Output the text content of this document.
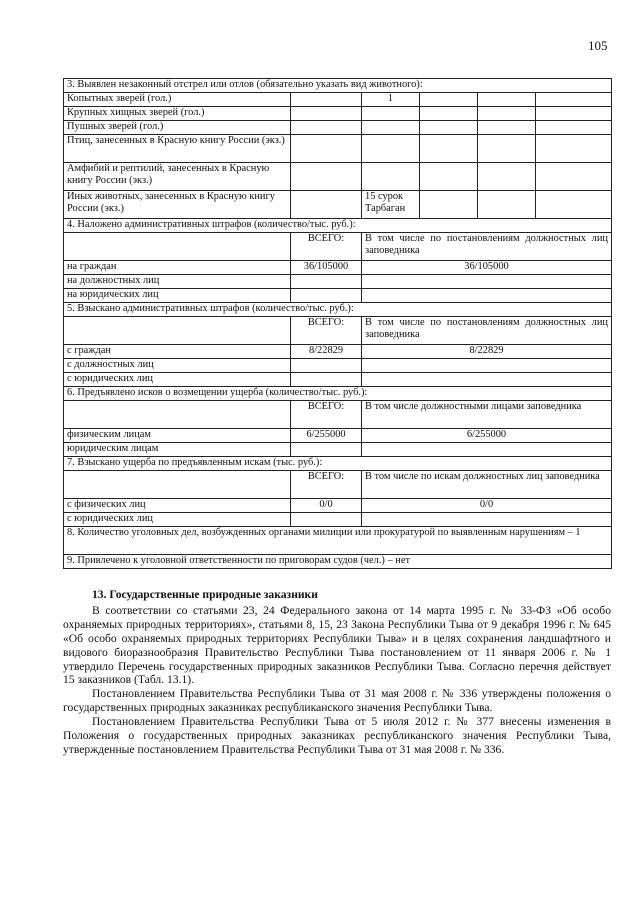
105
3. Выявлен незаконный отстрел или отлов (обязательно указать вид животного):					
Копытных зверей (гол.)		1			
Крупных хищных зверей (гол.)					
Пушных зверей (гол.)					
Птиц, занесенных в Красную книгу России (экз.)					
Амфибий и рептилий, занесенных в Красную книгу России (экз.)					
Иных животных, занесенных в Красную книгу России (экз.)		15 сурок Тарбаган			
4. Наложено административных штрафов (количество/тыс. руб.):					
	ВСЕГО:	В том числе по постановлениям должностных лиц заповедника			
на граждан	36/105000	36/105000			
на должностных лиц					
на юридических лиц					
5. Взыскано административных штрафов (количество/тыс. руб.):					
	ВСЕГО:	В том числе по постановлениям должностных лиц заповедника			
с граждан	8/22829	8/22829			
с должностных лиц					
с юридических лиц					
6. Предъявлено исков о возмещении ущерба (количество/тыс. руб.):					
	ВСЕГО:	В том числе должностными лицами заповедника			
физическим лицам	6/255000	6/255000			
юридическим лицам					
7. Взыскано ущерба по предъявленным искам (тыс. руб.):					
	ВСЕГО:	В том числе по искам должностных лиц заповедника			
с физических лиц	0/0	0/0			
с юридических лиц					
8. Количество уголовных дел, возбужденных органами милиции или прокуратурой по выявленным нарушениям – 1					
9. Привлечено к уголовной ответственности по приговорам судов (чел.) – нет					
13. Государственные природные заказники

В соответствии со статьями 23, 24 Федерального закона от 14 марта 1995 г. № 33-ФЗ «Об особо охраняемых природных территориях», статьями 8, 15, 23 Закона Республики Тыва от 9 декабря 1996 г. № 645 «Об особо охраняемых природных территориях Республики Тыва» и в целях сохранения ландшафтного и видового биоразнообразия Правительство Республики Тыва постановлением от 11 января 2006 г. № 1 утвердило Перечень государственных природных заказников Республики Тыва. Согласно перечня действует 15 заказников (Табл. 13.1).

Постановлением Правительства Республики Тыва от 31 мая 2008 г. № 336 утверждены положения о государственных природных заказниках республиканского значения Республики Тыва.

Постановлением Правительства Республики Тыва от 5 июля 2012 г. № 377 внесены изменения в Положения о государственных природных заказниках республиканского значения Республики Тыва, утвержденные постановлением Правительства Республики Тыва от 31 мая 2008 г. № 336.
